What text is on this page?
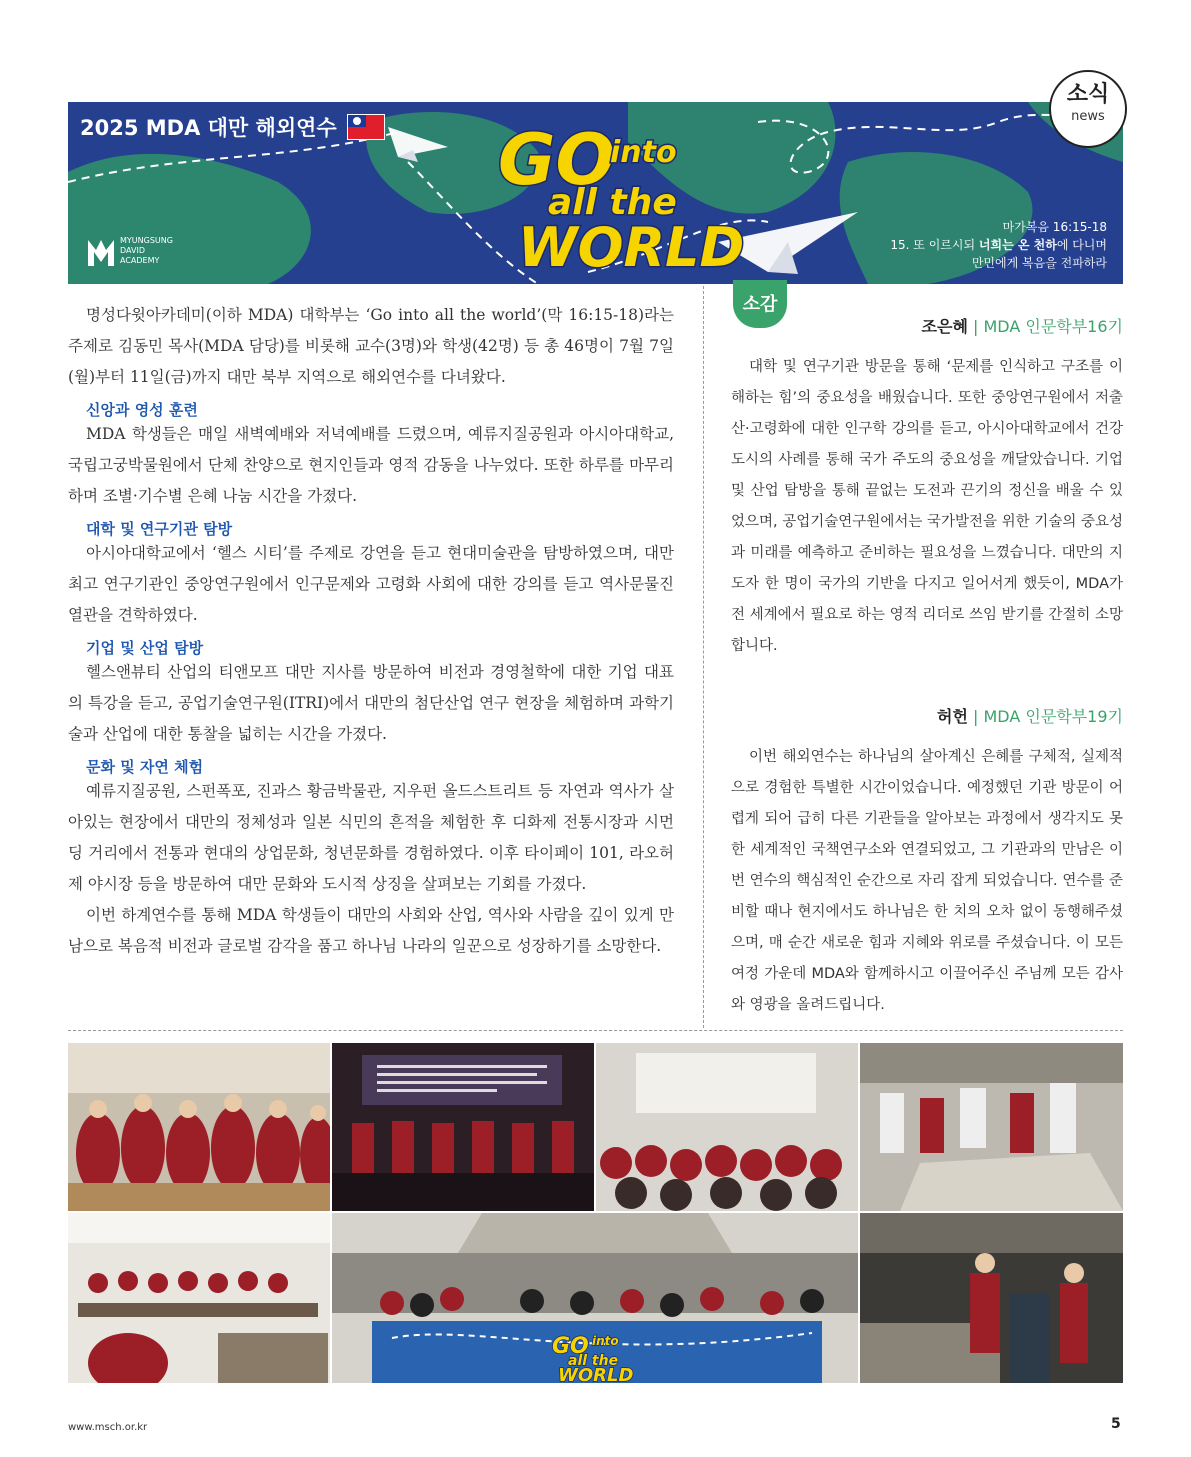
소식
news
2025 MDA 대만 해외연수
MYUNGSUNG
DAVID
ACADEMY
GO
into
all the
WORLD	마가복음 16:15-18
15. 또 이르시되 너희는 온 천하에 다니며
만민에게 복음을 전파하라

명성다윗아카데미(이하 MDA) 대학부는 ‘Go into all the world’(막 16:15-18)라는 주제로 김동민 목사(MDA 담당)를 비롯해 교수(3명)와 학생(42명) 등 총 46명이 7월 7일(월)부터 11일(금)까지 대만 북부 지역으로 해외연수를 다녀왔다.

신앙과 영성 훈련

MDA 학생들은 매일 새벽예배와 저녁예배를 드렸으며, 예류지질공원과 아시아대학교, 국립고궁박물원에서 단체 찬양으로 현지인들과 영적 감동을 나누었다. 또한 하루를 마무리하며 조별·기수별 은혜 나눔 시간을 가졌다.

대학 및 연구기관 탐방

아시아대학교에서 ‘헬스 시티’를 주제로 강연을 듣고 현대미술관을 탐방하였으며, 대만 최고 연구기관인 중앙연구원에서 인구문제와 고령화 사회에 대한 강의를 듣고 역사문물진열관을 견학하였다.

기업 및 산업 탐방

헬스앤뷰티 산업의 티앤모프 대만 지사를 방문하여 비전과 경영철학에 대한 기업 대표의 특강을 듣고, 공업기술연구원(ITRI)에서 대만의 첨단산업 연구 현장을 체험하며 과학기술과 산업에 대한 통찰을 넓히는 시간을 가졌다.

문화 및 자연 체험

예류지질공원, 스펀폭포, 진과스 황금박물관, 지우펀 올드스트리트 등 자연과 역사가 살아있는 현장에서 대만의 정체성과 일본 식민의 흔적을 체험한 후 디화제 전통시장과 시먼딩 거리에서 전통과 현대의 상업문화, 청년문화를 경험하였다. 이후 타이페이 101, 라오허제 야시장 등을 방문하여 대만 문화와 도시적 상징을 살펴보는 기회를 가졌다.

이번 하계연수를 통해 MDA 학생들이 대만의 사회와 산업, 역사와 사람을 깊이 있게 만남으로 복음적 비전과 글로벌 감각을 품고 하나님 나라의 일꾼으로 성장하기를 소망한다.

소감
조은혜 | MDA 인문학부16기

대학 및 연구기관 방문을 통해 ‘문제를 인식하고 구조를 이해하는 힘’의 중요성을 배웠습니다. 또한 중앙연구원에서 저출산·고령화에 대한 인구학 강의를 듣고, 아시아대학교에서 건강도시의 사례를 통해 국가 주도의 중요성을 깨달았습니다. 기업 및 산업 탐방을 통해 끝없는 도전과 끈기의 정신을 배울 수 있었으며, 공업기술연구원에서는 국가발전을 위한 기술의 중요성과 미래를 예측하고 준비하는 필요성을 느꼈습니다. 대만의 지도자 한 명이 국가의 기반을 다지고 일어서게 했듯이, MDA가 전 세계에서 필요로 하는 영적 리더로 쓰임 받기를 간절히 소망합니다.

허헌 | MDA 인문학부19기

이번 해외연수는 하나님의 살아계신 은혜를 구체적, 실제적으로 경험한 특별한 시간이었습니다. 예정했던 기관 방문이 어렵게 되어 급히 다른 기관들을 알아보는 과정에서 생각지도 못한 세계적인 국책연구소와 연결되었고, 그 기관과의 만남은 이번 연수의 핵심적인 순간으로 자리 잡게 되었습니다. 연수를 준비할 때나 현지에서도 하나님은 한 치의 오차 없이 동행해주셨으며, 매 순간 새로운 힘과 지혜와 위로를 주셨습니다. 이 모든 여정 가운데 MDA와 함께하시고 이끌어주신 주님께 모든 감사와 영광을 올려드립니다.

GO into
all the
WORLD
www.msch.or.kr	5
